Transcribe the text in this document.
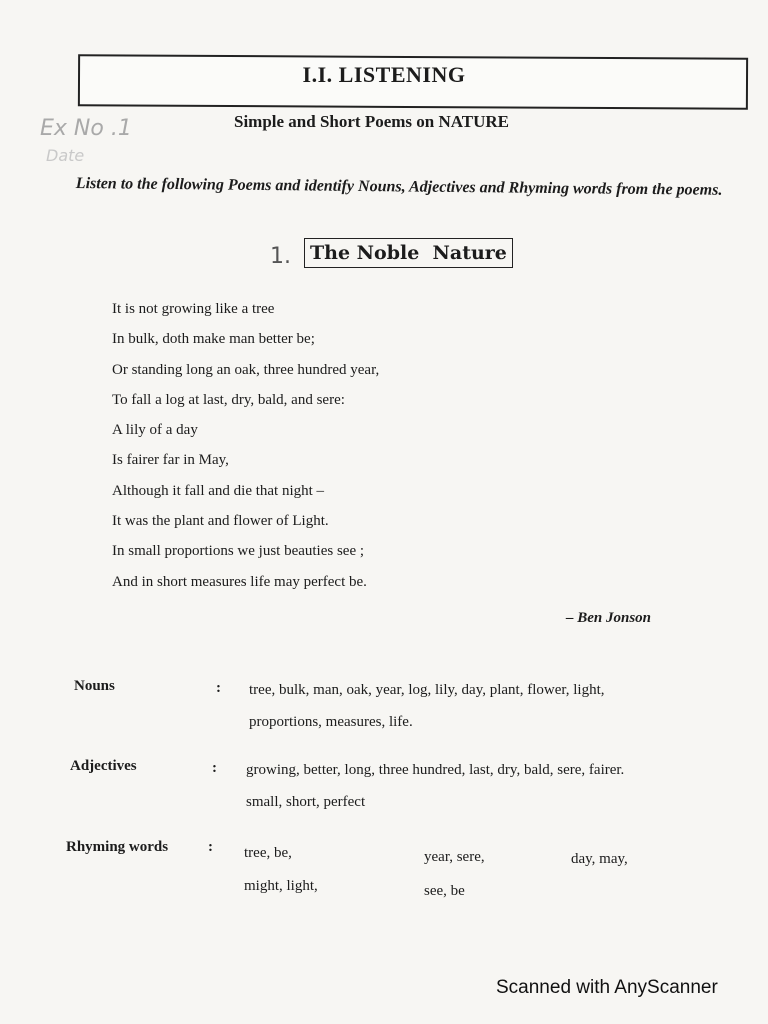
I.I. LISTENING
Ex No .1
Date
Simple and Short Poems on NATURE
Listen to the following Poems and identify Nouns, Adjectives and Rhyming words from the poems.
1.	The Noble  Nature
It is not growing like a tree
In bulk, doth make man better be;
Or standing long an oak, three hundred year,
To fall a log at last, dry, bald, and sere:
A lily of a day
Is fairer far in May,
Although it fall and die that night –
It was the plant and flower of Light.
In small proportions we just beauties see ;
And in short measures life may perfect be.
– Ben Jonson
Nouns	: tree, bulk, man, oak, year, log, lily, day, plant, flower, light,
proportions, measures, life.
Adjectives	: growing, better, long, three hundred, last, dry, bald, sere, fairer.
small, short, perfect
Rhyming words	: tree, be,	year, sere,	day, may,
might, light,	see, be
Scanned with AnyScanner
